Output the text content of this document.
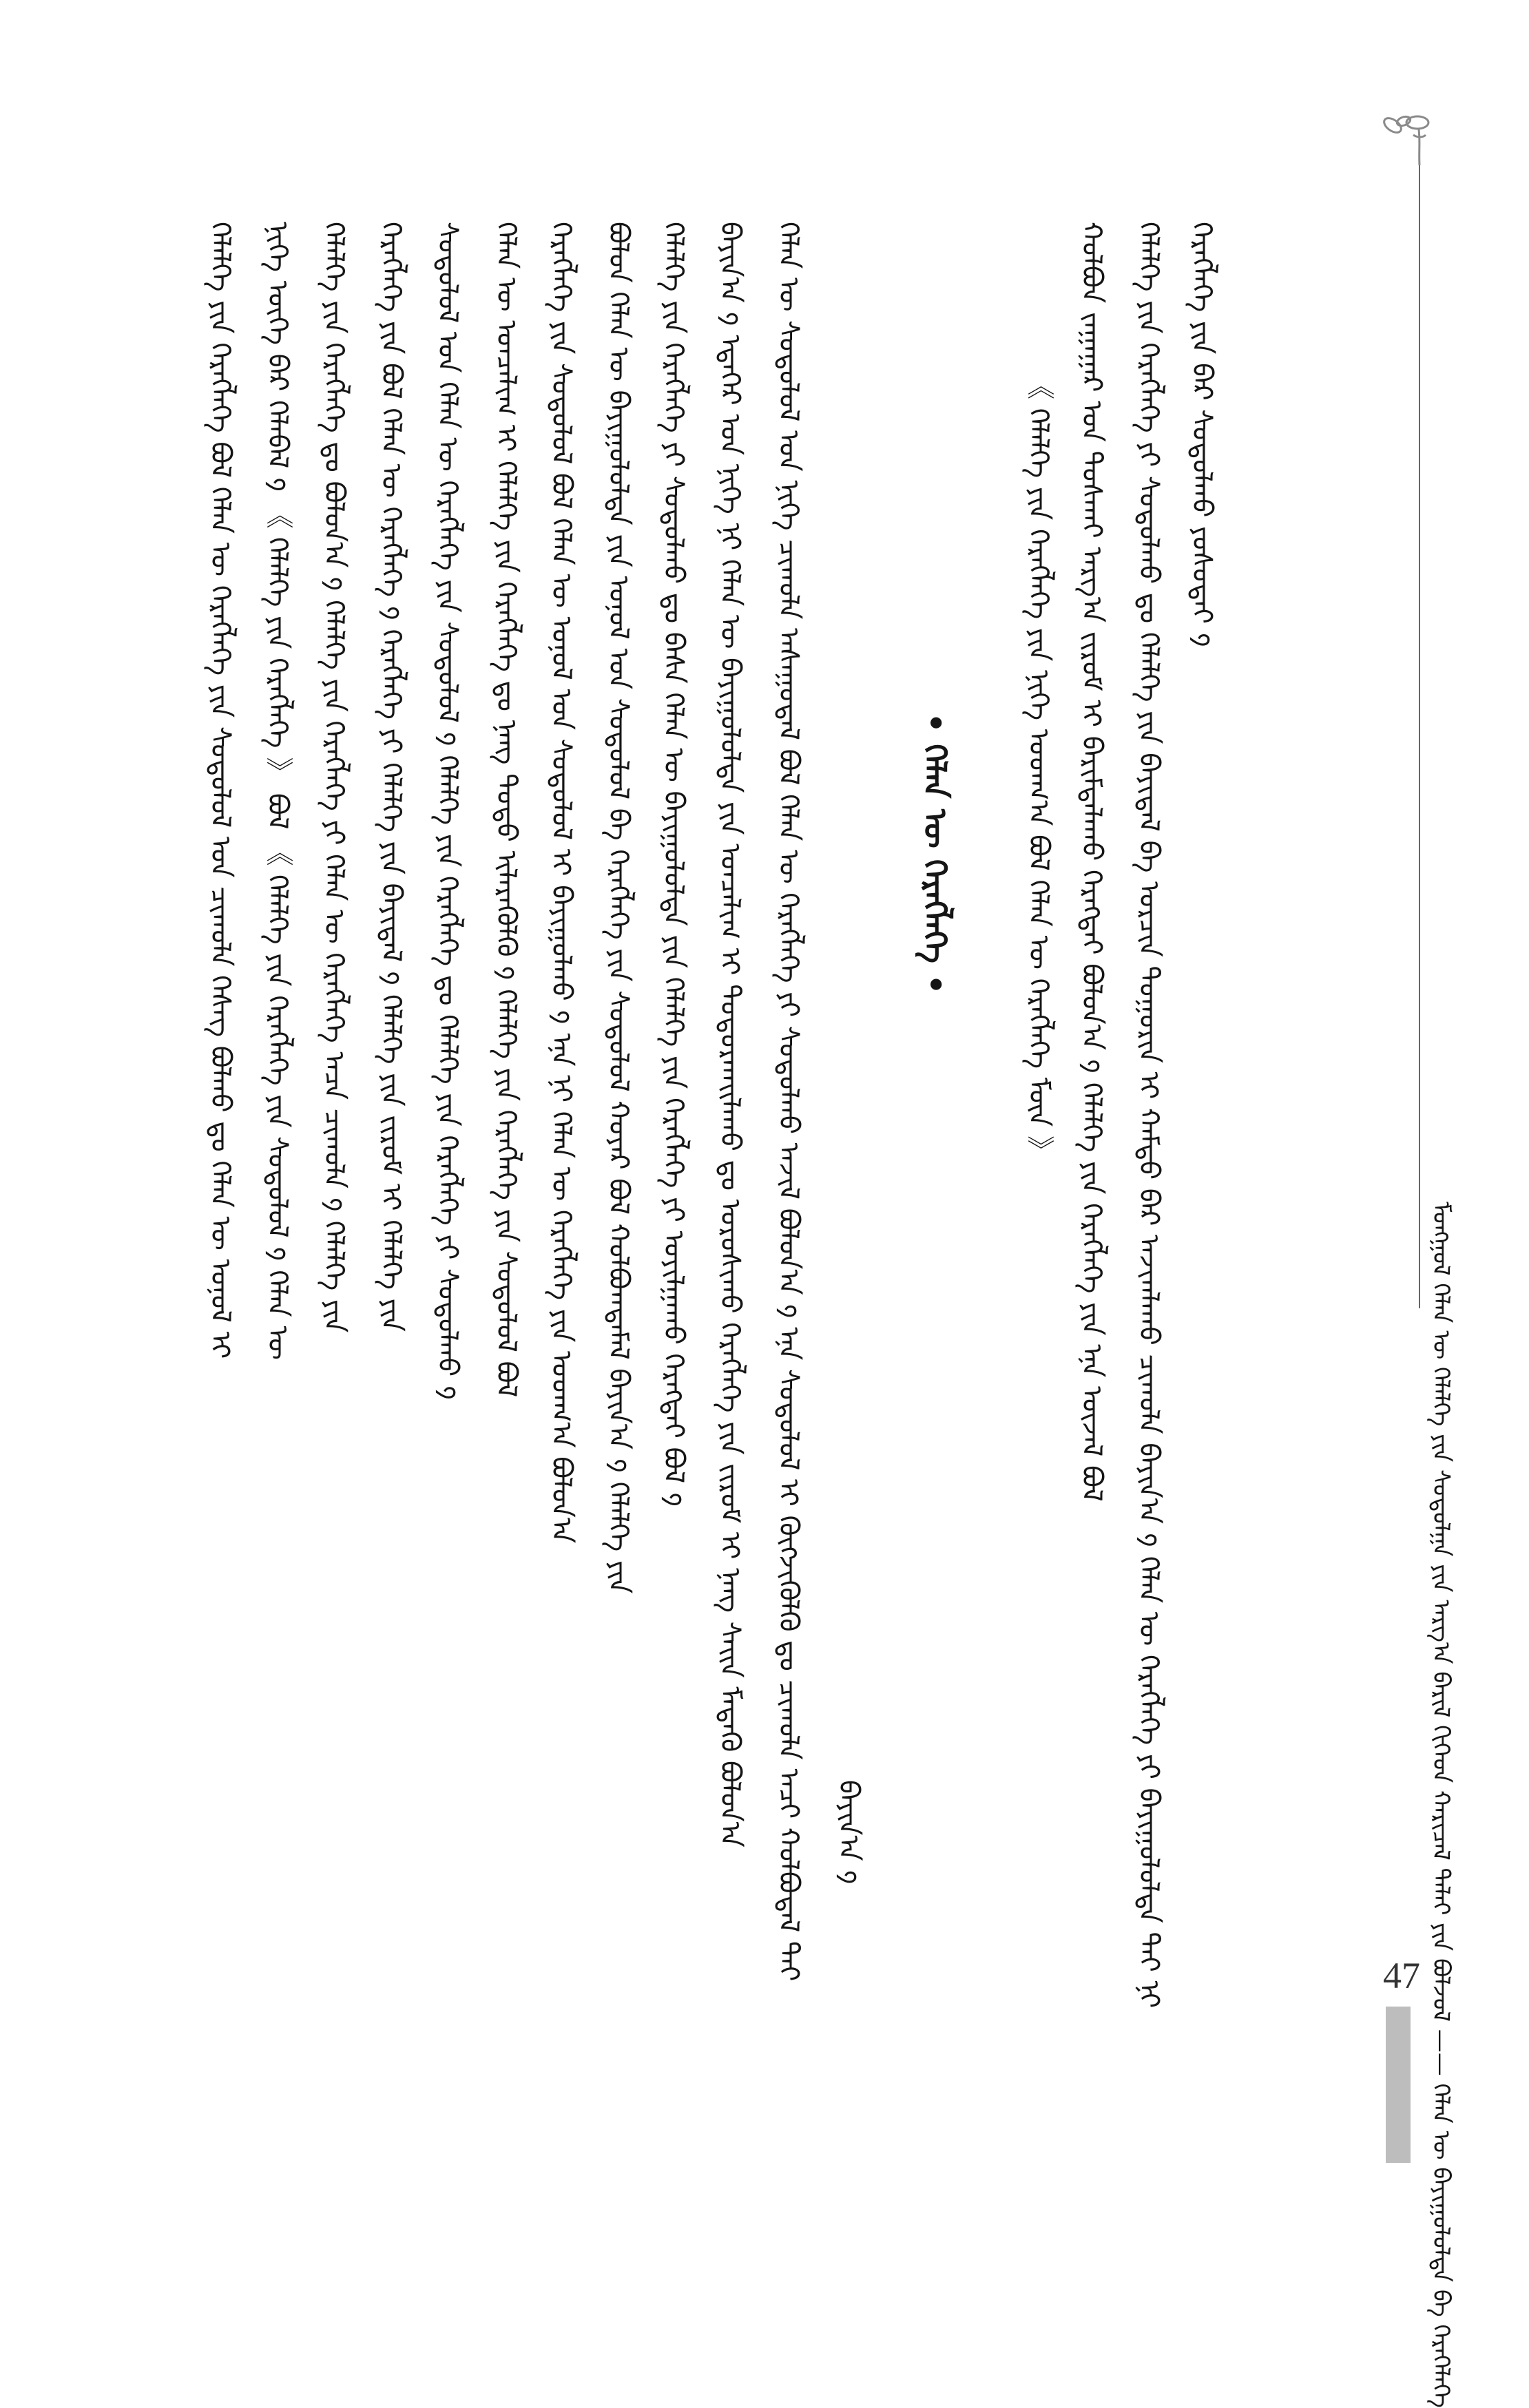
ᠮᠣᠩᠭᠣᠯ ᠬᠡᠯᠡᠨ ᠦ ᠬᠡᠯᠡᠯᠭᠡ ᠶᠢᠨ ᠰᠤᠳᠤᠯᠭᠠ ᠶᠢᠨ ᠠᠷᠭ᠎ᠠ ᠪᠠᠷᠢᠯ ᠬᠢᠭᠡᠳ ᠬᠠᠷᠢᠴᠠᠯ ᠳᠠᠯᠠᠶ ᠶᠢᠨ ᠪᠤᠯᠵᠣᠯ —— ᠬᠡᠯᠡᠨ ᠦ ᠪᠠᠶᠢᠭᠤᠯᠤᠯᠲᠠ ᠪᠠ ᠬᠡᠷᠡᠭᠡᠯᠡᠭᠡ
ᠬᠡᠷᠡᠭᠯᠡᠭᠡ ᠶᠢᠨ ᠪᠡᠷ ᠰᠤᠳᠤᠯᠬᠤ ᠶᠤᠰᠤᠲᠠᠢ ᠀
ᠬᠡᠯᠡᠯᠭᠡ ᠶᠢᠨ ᠬᠡᠷᠡᠭᠯᠡᠭᠡ ᠶᠢ ᠰᠤᠳᠤᠯᠬᠤ ᠳᠤ ᠬᠡᠯᠡᠯᠭᠡ ᠶᠢᠨ ᠪᠠᠶᠢᠳᠠᠯ ᠪᠠ ᠣᠷᠴᠢᠨ ᠲᠣᠭᠣᠷᠢᠨ ᠢ ᠬᠠᠮᠲᠤ ᠪᠠᠷ ᠠᠵᠢᠭᠯᠠᠬᠤ ᠴᠢᠬᠤᠯᠠ ᠪᠠᠶᠢᠨ᠎ᠠ ᠀ ᠬᠡᠯᠡᠨ ᠦ ᠬᠡᠷᠡᠭᠯᠡᠭᠡ ᠶᠢ ᠪᠠᠶᠢᠭᠤᠯᠤᠯᠲᠠ ᠲᠠᠢ ᠨᠢ
ᠬᠣᠯᠪᠣᠨ ᠵᠠᠭᠠᠭᠠᠷ ᠤᠨ ᠲᠤᠰᠬᠠᠢ ᠠᠷᠭ᠎ᠠ ᠵᠢᠷᠤᠮ ᠢ ᠪᠠᠷᠢᠮᠳᠠᠯᠠᠬᠤ ᠬᠡᠷᠡᠭᠲᠡᠢ ᠪᠣᠯᠤᠨ᠎ᠠ ᠀ ᠬᠡᠯᠡᠯᠭᠡ ᠶᠢᠨ ᠬᠡᠷᠡᠭᠯᠡᠭᠡ ᠶᠢᠨ ᠡᠨᠡ ᠦᠵᠡᠯ ᠪᠣᠯ
《 ᠬᠡᠯᠡᠯᠭᠡ ᠶᠢᠨ ᠬᠡᠷᠡᠭᠯᠡᠭᠡ ᠶᠢᠨ ᠨᠢᠭᠡ ᠤᠳᠬ᠎ᠠ ᠪᠣᠯ ᠬᠡᠯᠡᠨ ᠦ ᠬᠡᠷᠡᠭᠯᠡᠭᠡ ᠮᠥᠨ 》
• ᠬᠡᠯᠡᠨ ᠦ ᠬᠡᠷᠡᠭᠯᠡᠭᠡ •
ᠪᠠᠶᠢᠨ᠎ᠠ ᠀
ᠬᠡᠯᠡᠨ ᠦ ᠰᠤᠳᠤᠯᠤᠯ ᠤᠨ ᠨᠢᠭᠡ ᠴᠢᠬᠤᠯᠠ ᠠᠰᠠᠭᠤᠳᠠᠯ ᠪᠣᠯ ᠬᠡᠯᠡᠨ ᠦ ᠬᠡᠷᠡᠭᠯᠡᠭᠡ ᠶᠢ ᠰᠤᠳᠤᠯᠬᠤ ᠠᠵᠢᠯ ᠪᠣᠯᠤᠨ᠎ᠠ ᠀ ᠡᠨᠡ ᠰᠤᠳᠤᠯᠤᠯ ᠢ ᠬᠥᠭᠵᠢᠭᠦᠯᠬᠦ ᠳᠤ ᠴᠢᠬᠤᠯᠠ ᠠᠴᠢ ᠬᠣᠯᠪᠣᠳᠠᠯ ᠲᠠᠢ
ᠪᠠᠶᠢᠨ᠎ᠠ ᠀ ᠡᠳᠡᠭᠡᠷ ᠤᠨ ᠨᠢᠭᠡ ᠨᠢ ᠬᠡᠯᠡᠨ ᠦ ᠪᠠᠶᠢᠭᠤᠯᠤᠯᠲᠠ ᠶᠢᠨ ᠣᠨᠴᠠᠯᠢᠭ ᠢ ᠲᠣᠳᠣᠷᠬᠠᠢᠯᠠᠬᠤ ᠳᠤ ᠣᠷᠣᠰᠢᠬᠤ ᠬᠡᠷᠡᠭᠯᠡᠭᠡ ᠶᠢᠨ ᠵᠢᠷᠤᠮ ᠢ ᠨᠡᠩ ᠰᠠᠢᠨ ᠮᠡᠳᠡᠬᠦ ᠪᠣᠯᠤᠨ᠎ᠠ
ᠬᠡᠯᠡᠯᠭᠡ ᠶᠢᠨ ᠬᠡᠷᠡᠭᠯᠡᠭᠡ ᠶᠢ ᠰᠤᠳᠤᠯᠬᠤ ᠳᠤ ᠪᠠᠰᠠ ᠬᠡᠯᠡᠨ ᠦ ᠪᠠᠶᠢᠭᠤᠯᠤᠯᠲᠠ ᠶᠢᠨ ᠬᠡᠯᠡᠯᠭᠡ ᠶᠢᠨ ᠬᠡᠷᠡᠭᠯᠡᠭᠡ ᠶᠢ ᠣᠶᠢᠯᠭᠠᠬᠤ ᠬᠡᠷᠡᠭᠲᠡᠢ ᠪᠣᠯ ᠀
ᠪᠣᠯᠤᠨ ᠬᠡᠯᠡᠨ ᠦ ᠪᠠᠶᠢᠭᠤᠯᠤᠯᠲᠠ ᠶᠢᠨ ᠣᠨᠣᠯ ᠤᠨ ᠰᠤᠳᠤᠯᠤᠯ ᠪᠠ ᠬᠡᠷᠡᠭᠯᠡᠭᠡ ᠶᠢᠨ ᠰᠤᠳᠤᠯᠤᠯ ᠬᠣᠶᠠᠷ ᠪᠣᠯ ᠬᠣᠯᠪᠣᠭᠳᠠᠮᠠᠯ ᠪᠠᠶᠢᠨ᠎ᠠ ᠀ ᠬᠡᠯᠡᠯᠭᠡ ᠶᠢᠨ
ᠬᠡᠷᠡᠭᠯᠡᠭᠡ ᠶᠢᠨ ᠰᠤᠳᠤᠯᠤᠯ ᠪᠣᠯ ᠬᠡᠯᠡᠨ ᠦ ᠣᠨᠣᠯ ᠤᠨ ᠰᠤᠳᠤᠯᠤᠯ ᠢ ᠪᠠᠶᠢᠭᠤᠯᠬᠤ ᠀ ᠡᠨᠡ ᠨᠢ ᠬᠡᠯᠡᠨ ᠦ ᠬᠡᠷᠡᠭᠯᠡᠭᠡ ᠶᠢᠨ ᠤᠳᠬ᠎ᠠ ᠪᠣᠯᠤᠨ᠎ᠠ
ᠬᠡᠯᠡᠨ ᠦ ᠣᠨᠴᠠᠯᠢᠭ ᠢ ᠬᠡᠯᠡᠯᠭᠡ ᠶᠢᠨ ᠬᠡᠷᠡᠭᠯᠡᠭᠡ ᠳᠤ ᠨᠡᠩ ᠲᠣᠳᠣ ᠢᠯᠡᠷᠡᠭᠦᠯᠬᠦ ᠀ ᠬᠡᠯᠡᠯᠭᠡ ᠶᠢᠨ ᠬᠡᠷᠡᠭᠯᠡᠭᠡ ᠶᠢᠨ ᠰᠤᠳᠤᠯᠤᠯ ᠪᠣᠯ
ᠰᠤᠳᠤᠯᠤᠯ ᠤᠨ ᠬᠡᠯᠡᠨ ᠦ ᠬᠡᠷᠡᠭᠯᠡᠭᠡ ᠶᠢᠨ ᠰᠤᠳᠤᠯᠤᠯ ᠀ ᠬᠡᠯᠡᠯᠭᠡ ᠶᠢᠨ ᠬᠡᠷᠡᠭᠯᠡᠭᠡ ᠳᠤ ᠬᠡᠯᠡᠯᠭᠡ ᠶᠢᠨ ᠬᠡᠷᠡᠭᠯᠡᠭᠡ ᠶᠢ ᠰᠤᠳᠤᠯᠬᠤ ᠀
ᠬᠡᠷᠡᠭᠯᠡᠭᠡ ᠶᠢᠨ ᠪᠣᠯ ᠬᠡᠯᠡᠨ ᠦ ᠬᠡᠷᠡᠭᠯᠡᠭᠡ ᠀ ᠬᠡᠷᠡᠭᠯᠡᠭᠡ ᠶᠢ ᠬᠡᠯᠡᠯᠭᠡ ᠶᠢᠨ ᠪᠠᠶᠢᠳᠠᠯ ᠀ ᠬᠡᠯᠡᠯᠭᠡ ᠶᠢᠨ ᠵᠢᠷᠤᠮ ᠢ ᠬᠡᠯᠡᠯᠭᠡ ᠶᠢᠨ
ᠬᠡᠯᠡᠯᠭᠡ ᠶᠢᠨ ᠬᠡᠷᠡᠭᠯᠡᠭᠡ ᠳᠤ ᠪᠣᠯᠤᠨ᠎ᠠ ᠀ ᠬᠡᠯᠡᠯᠭᠡ ᠶᠢᠨ ᠬᠡᠷᠡᠭᠯᠡᠭᠡ ᠶᠢ ᠬᠡᠯᠡᠨ ᠦ ᠬᠡᠷᠡᠭᠯᠡᠭᠡ ᠠᠴᠠ ᠴᠢᠬᠤᠯᠠ ᠀ ᠬᠡᠯᠡᠯᠭᠡ ᠶᠢᠨ
ᠨᠢᠭᠡ ᠦᠭᠡ ᠪᠡᠷ ᠬᠡᠯᠡᠪᠡᠯ ᠀ 《 ᠬᠡᠯᠡᠯᠭᠡ ᠶᠢᠨ ᠬᠡᠷᠡᠭᠯᠡᠭᠡ 》 ᠪᠣᠯ 《 ᠬᠡᠯᠡᠯᠭᠡ ᠶᠢᠨ ᠬᠡᠷᠡᠭᠯᠡᠭᠡ ᠶᠢᠨ ᠰᠤᠳᠤᠯᠤᠯ ᠀ ᠬᠡᠯᠡᠨ ᠦ
ᠬᠡᠯᠡᠯᠭᠡ ᠶᠢᠨ ᠬᠡᠷᠡᠭᠯᠡᠭᠡ ᠪᠣᠯ ᠬᠡᠯᠡᠨ ᠦ ᠬᠡᠷᠡᠭᠯᠡᠭᠡ ᠶᠢᠨ ᠰᠤᠳᠤᠯᠤᠯ ᠤᠨ ᠴᠢᠬᠤᠯᠠ ᠬᠡᠰᠡᠭ ᠪᠣᠯᠬᠤ ᠳᠤ ᠬᠡᠯᠡᠨ ᠦ ᠣᠨᠣᠯ ᠢ
47
